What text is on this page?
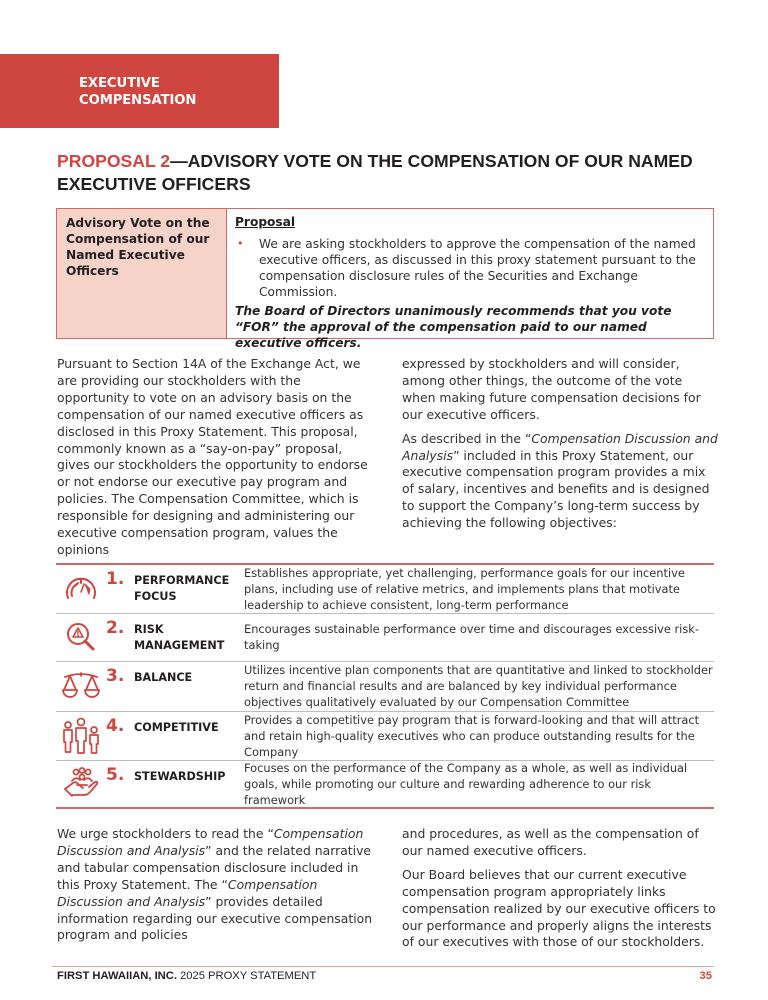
EXECUTIVE
COMPENSATION
PROPOSAL 2—ADVISORY VOTE ON THE COMPENSATION OF OUR NAMED EXECUTIVE OFFICERS
Advisory Vote on the Compensation of our Named Executive Officers
Proposal
•	We are asking stockholders to approve the compensation of the named executive officers, as discussed in this proxy statement pursuant to the compensation disclosure rules of the Securities and Exchange Commission.
The Board of Directors unanimously recommends that you vote “FOR” the approval of the compensation paid to our named executive officers.

Pursuant to Section 14A of the Exchange Act, we are providing our stockholders with the opportunity to vote on an advisory basis on the compensation of our named executive officers as disclosed in this Proxy Statement. This proposal, commonly known as a “say-on-pay” proposal, gives our stockholders the opportunity to endorse or not endorse our executive pay program and policies. The Compensation Committee, which is responsible for designing and administering our executive compensation program, values the opinions

expressed by stockholders and will consider, among other things, the outcome of the vote when making future compensation decisions for our executive officers.

As described in the “Compensation Discussion and Analysis” included in this Proxy Statement, our executive compensation program provides a mix of salary, incentives and benefits and is designed to support the Company’s long-term success by achieving the following objectives:

1. PERFORMANCE FOCUS
Establishes appropriate, yet challenging, performance goals for our incentive plans, including use of relative metrics, and implements plans that motivate leadership to achieve consistent, long-term performance
2. RISK MANAGEMENT
Encourages sustainable performance over time and discourages excessive risk-taking
3. BALANCE
Utilizes incentive plan components that are quantitative and linked to stockholder return and financial results and are balanced by key individual performance objectives qualitatively evaluated by our Compensation Committee
4. COMPETITIVE
Provides a competitive pay program that is forward-looking and that will attract and retain high-quality executives who can produce outstanding results for the Company
5. STEWARDSHIP
Focuses on the performance of the Company as a whole, as well as individual goals, while promoting our culture and rewarding adherence to our risk framework

We urge stockholders to read the “Compensation Discussion and Analysis” and the related narrative and tabular compensation disclosure included in this Proxy Statement. The “Compensation Discussion and Analysis” provides detailed information regarding our executive compensation program and policies

and procedures, as well as the compensation of our named executive officers.

Our Board believes that our current executive compensation program appropriately links compensation realized by our executive officers to our performance and properly aligns the interests of our executives with those of our stockholders.

FIRST HAWAIIAN, INC. 2025 PROXY STATEMENT	35
